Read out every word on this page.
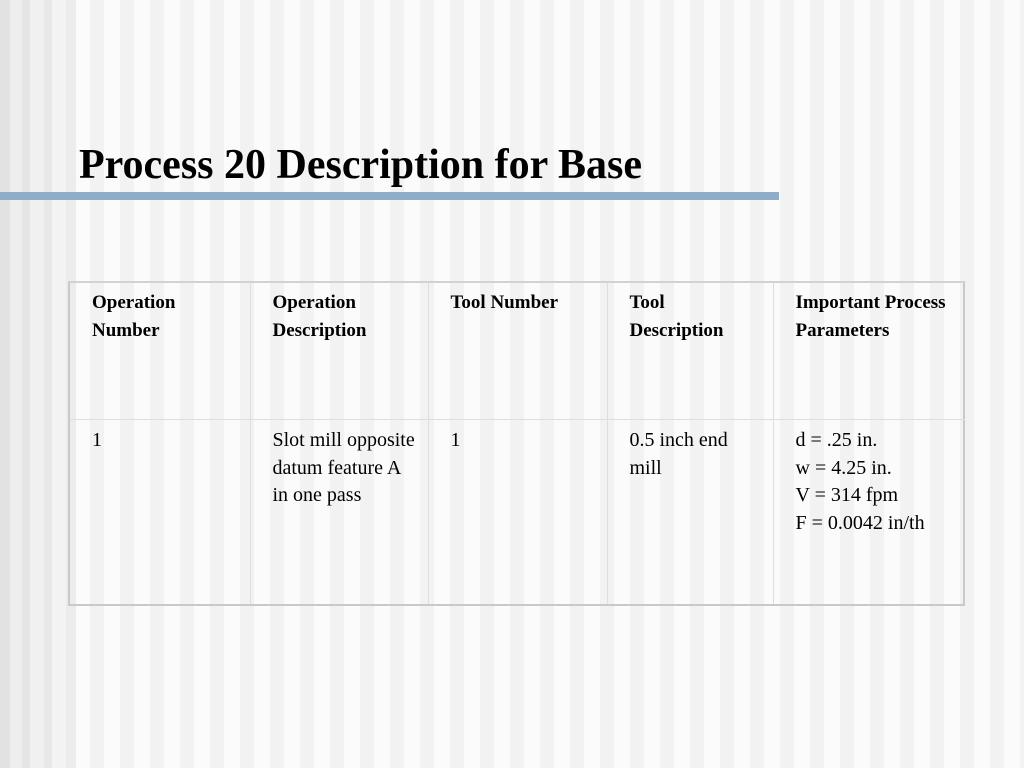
Process 20 Description for Base
Operation Number	Operation Description	Tool Number	Tool Description	Important Process Parameters
1	Slot mill opposite datum feature A in one pass	1	0.5 inch end mill	d = .25 in.
w = 4.25 in.
V = 314 fpm
F = 0.0042 in/th
